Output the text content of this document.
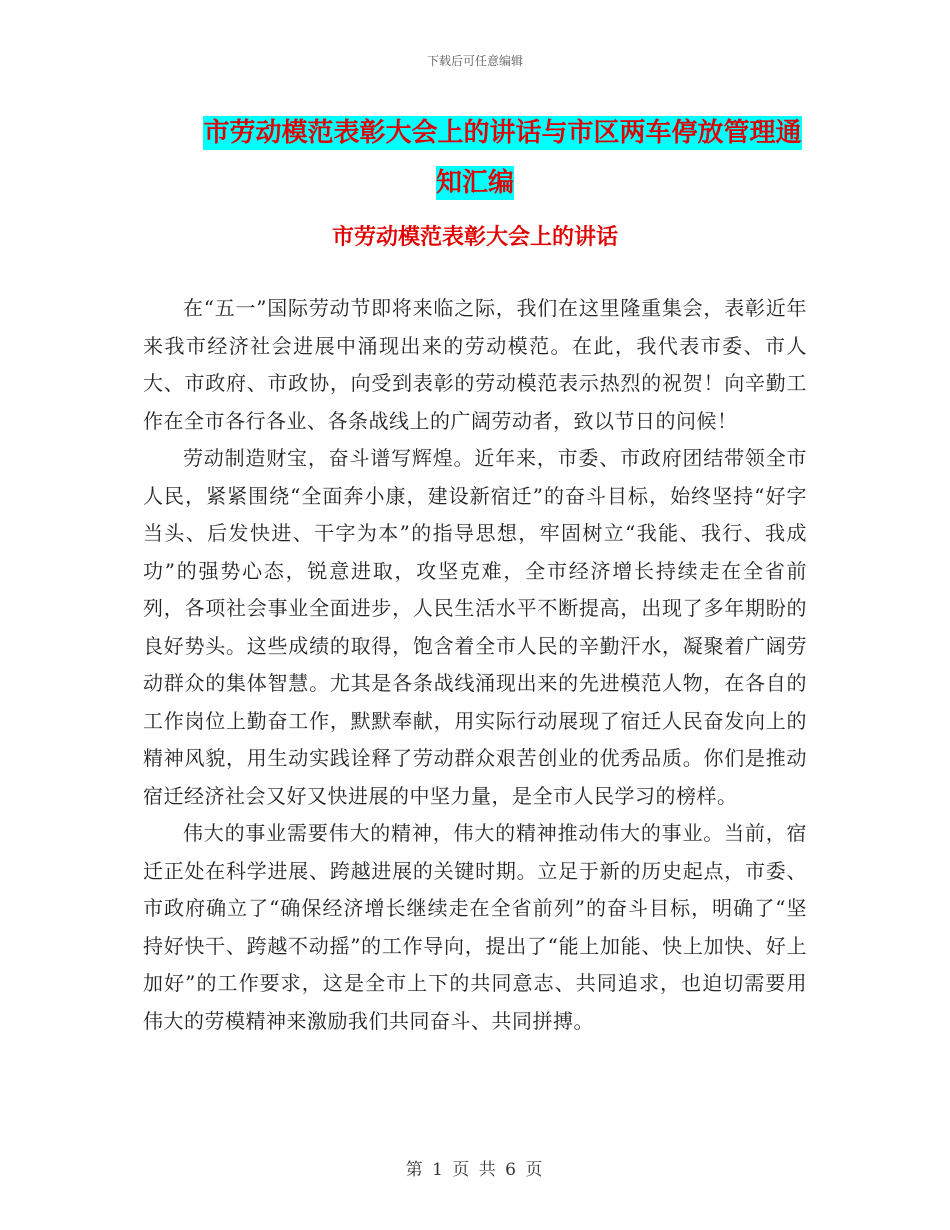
下载后可任意编辑
市劳动模范表彰大会上的讲话与市区两车停放管理通
知汇编
市劳动模范表彰大会上的讲话

在“五一”国际劳动节即将来临之际，我们在这里隆重集会，表彰近年来我市经济社会进展中涌现出来的劳动模范。在此，我代表市委、市人大、市政府、市政协，向受到表彰的劳动模范表示热烈的祝贺！向辛勤工作在全市各行各业、各条战线上的广阔劳动者，致以节日的问候！

劳动制造财宝，奋斗谱写辉煌。近年来，市委、市政府团结带领全市人民，紧紧围绕“全面奔小康，建设新宿迁”的奋斗目标，始终坚持“好字当头、后发快进、干字为本”的指导思想，牢固树立“我能、我行、我成功”的强势心态，锐意进取，攻坚克难，全市经济增长持续走在全省前列，各项社会事业全面进步，人民生活水平不断提高，出现了多年期盼的良好势头。这些成绩的取得，饱含着全市人民的辛勤汗水，凝聚着广阔劳动群众的集体智慧。尤其是各条战线涌现出来的先进模范人物，在各自的工作岗位上勤奋工作，默默奉献，用实际行动展现了宿迁人民奋发向上的精神风貌，用生动实践诠释了劳动群众艰苦创业的优秀品质。你们是推动宿迁经济社会又好又快进展的中坚力量，是全市人民学习的榜样。

伟大的事业需要伟大的精神，伟大的精神推动伟大的事业。当前，宿迁正处在科学进展、跨越进展的关键时期。立足于新的历史起点，市委、市政府确立了“确保经济增长继续走在全省前列”的奋斗目标，明确了“坚持好快干、跨越不动摇”的工作导向，提出了“能上加能、快上加快、好上加好”的工作要求，这是全市上下的共同意志、共同追求，也迫切需要用伟大的劳模精神来激励我们共同奋斗、共同拼搏。

第 1 页 共 6 页
